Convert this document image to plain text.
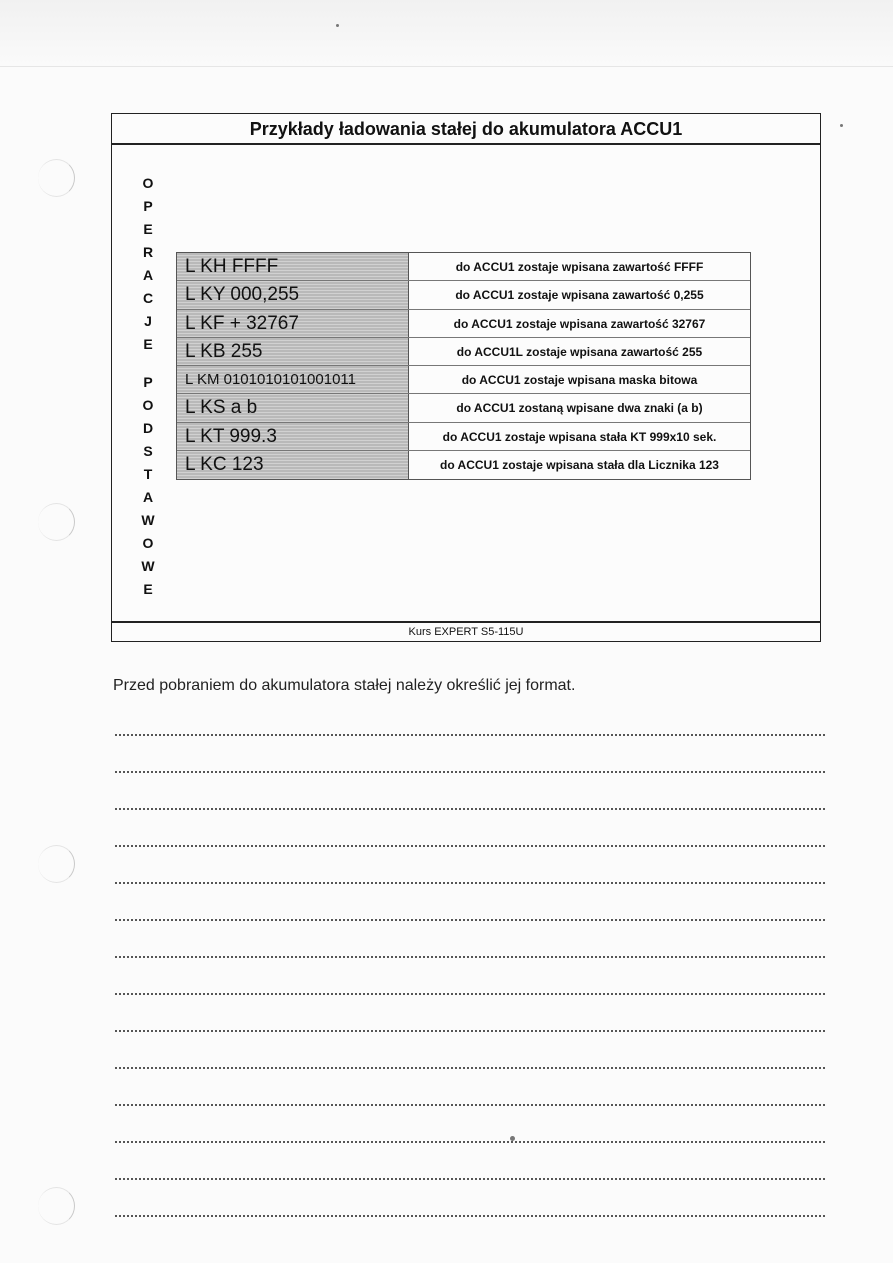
Przykłady ładowania stałej do akumulatora ACCU1
O
P
E
R
A
C
J
E
P
O
D
S
T
A
W
O
W
E
L KH FFFF	do ACCU1 zostaje wpisana zawartość FFFF
L KY 000,255	do ACCU1 zostaje wpisana zawartość 0,255
L KF + 32767	do ACCU1 zostaje wpisana zawartość 32767
L KB 255	do ACCU1L zostaje wpisana zawartość 255
L KM 0101010101001011	do ACCU1 zostaje wpisana maska bitowa
L KS a b	do ACCU1 zostaną wpisane dwa znaki (a b)
L KT 999.3	do ACCU1 zostaje wpisana stała KT 999x10 sek.
L KC 123	do ACCU1 zostaje wpisana stała dla Licznika 123
Kurs EXPERT S5-115U
Przed pobraniem do akumulatora stałej należy określić jej format.
